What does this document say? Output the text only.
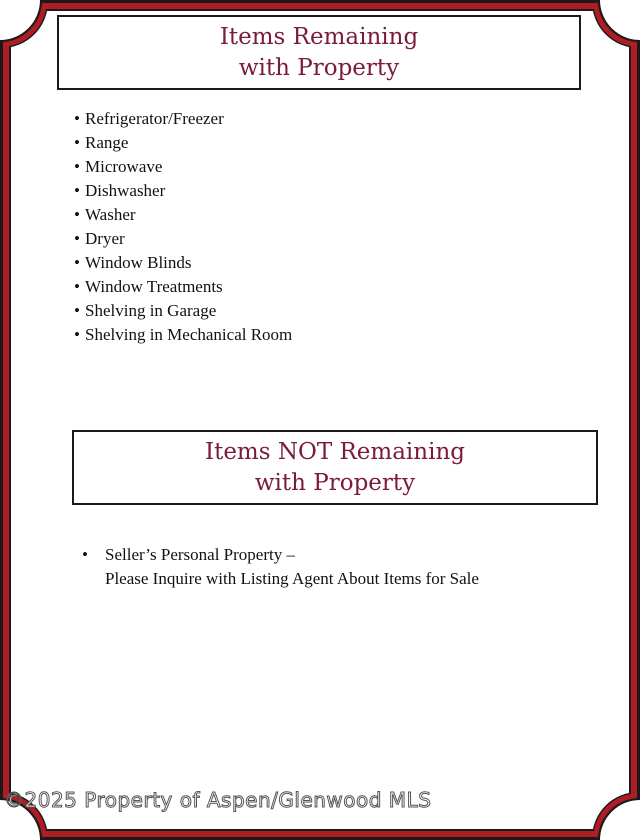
Items Remaining
with Property
• Refrigerator/Freezer
• Range
• Microwave
• Dishwasher
• Washer
• Dryer
• Window Blinds
• Window Treatments
• Shelving in Garage
• Shelving in Mechanical Room
Items NOT Remaining
with Property
•	Seller’s Personal Property –
Please Inquire with Listing Agent About Items for Sale
©2025 Property of Aspen/Glenwood MLS
